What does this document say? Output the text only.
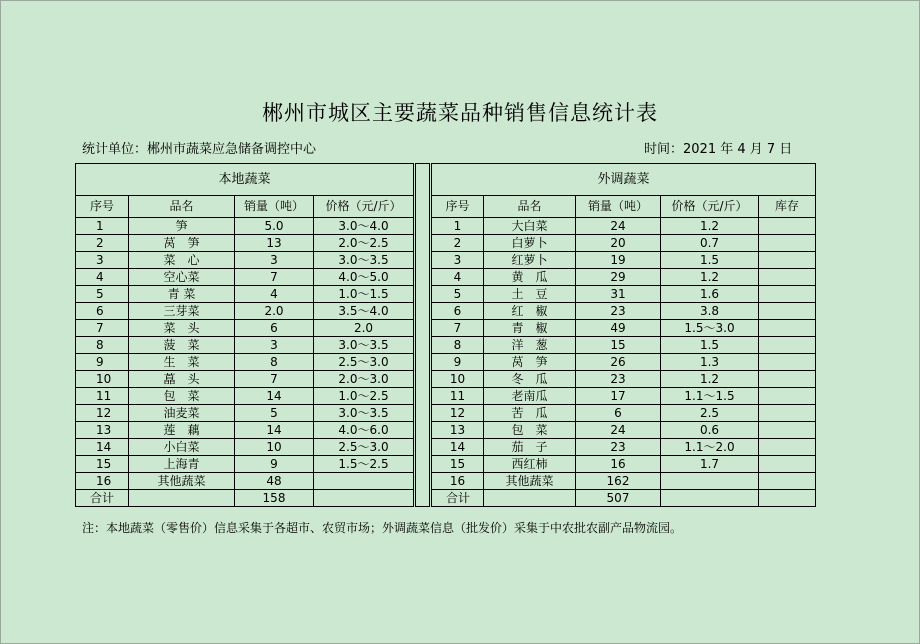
郴州市城区主要蔬菜品种销售信息统计表
统计单位：郴州市蔬菜应急储备调控中心	时间：2021 年 4 月 7 日
本地蔬菜					外调蔬菜				
序号	品名	销量（吨）	价格（元/斤）		序号	品名	销量（吨）	价格（元/斤）	库存
1	笋	5.0	3.0～4.0		1	大白菜	24	1.2	
2	莴　笋	13	2.0～2.5		2	白萝卜	20	0.7	
3	菜　心	3	3.0～3.5		3	红萝卜	19	1.5	
4	空心菜	7	4.0～5.0		4	黄　瓜	29	1.2	
5	青 菜	4	1.0～1.5		5	土　豆	31	1.6	
6	三芽菜	2.0	3.5～4.0		6	红　椒	23	3.8	
7	菜　头	6	2.0		7	青　椒	49	1.5～3.0	
8	菠　菜	3	3.0～3.5		8	洋　葱	15	1.5	
9	生　菜	8	2.5～3.0		9	莴　笋	26	1.3	
10	藠　头	7	2.0～3.0		10	冬　瓜	23	1.2	
11	包　菜	14	1.0～2.5		11	老南瓜	17	1.1～1.5	
12	油麦菜	5	3.0～3.5		12	苦　瓜	6	2.5	
13	莲　藕	14	4.0～6.0		13	包　菜	24	0.6	
14	小白菜	10	2.5～3.0		14	茄　子	23	1.1～2.0	
15	上海青	9	1.5～2.5		15	西红柿	16	1.7	
16	其他蔬菜	48			16	其他蔬菜	162		
合计		158			合计		507		
注：本地蔬菜（零售价）信息采集于各超市、农贸市场；外调蔬菜信息（批发价）采集于中农批农副产品物流园。
